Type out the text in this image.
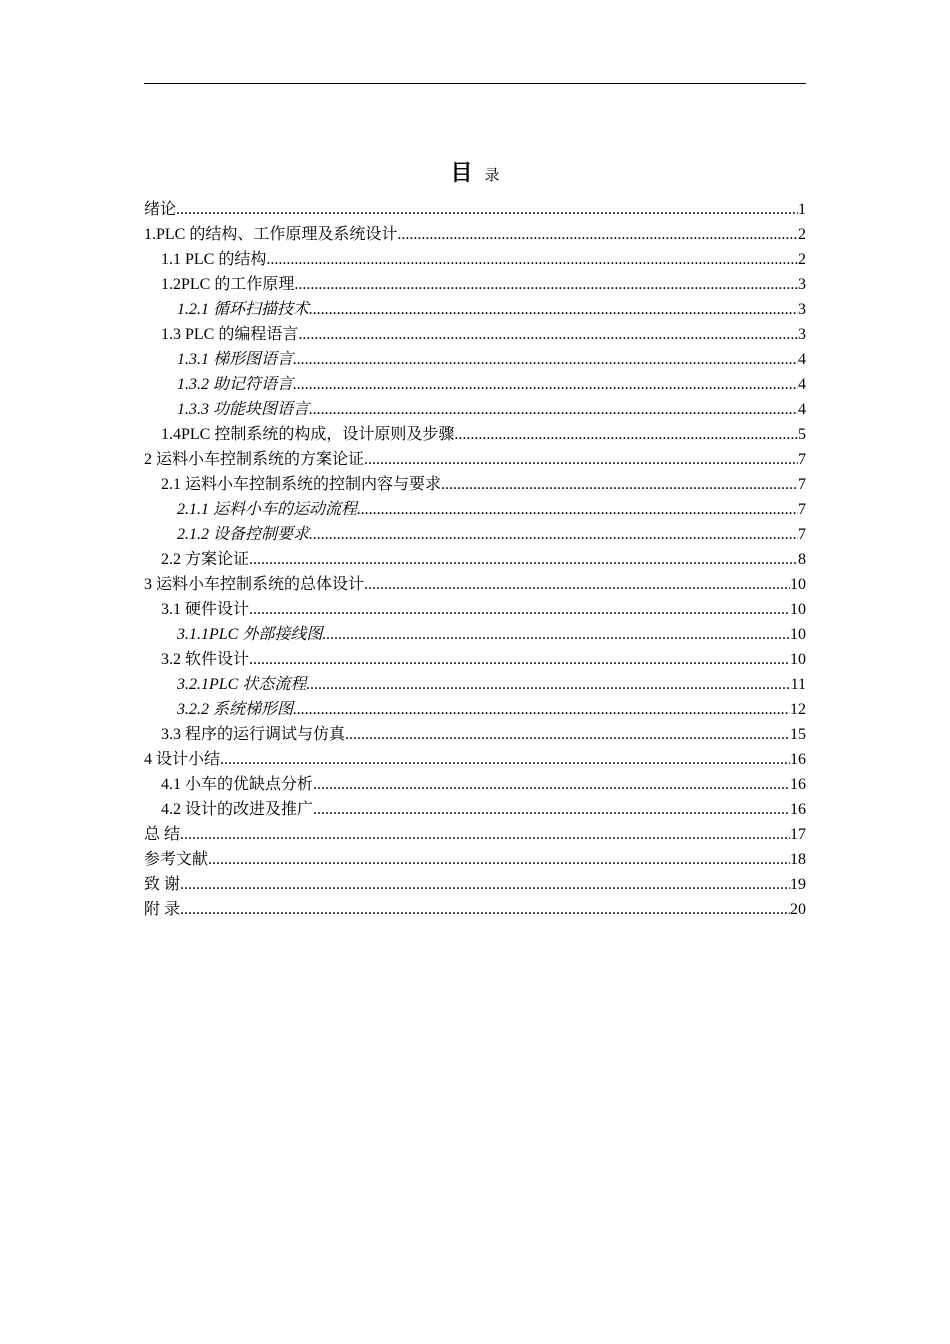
目 录
绪论 .....	1
1.PLC 的结构、工作原理及系统设计 .....	2
1.1 PLC 的结构 .....	2
1.2PLC 的工作原理 .....	3
1.2.1 循环扫描技术 .....	3
1.3 PLC 的编程语言 .....	3
1.3.1 梯形图语言 .....	4
1.3.2 助记符语言 .....	4
1.3.3 功能块图语言 .....	4
1.4PLC 控制系统的构成，设计原则及步骤 .....	5
2 运料小车控制系统的方案论证 .....	7
2.1 运料小车控制系统的控制内容与要求 .....	7
2.1.1 运料小车的运动流程 .....	7
2.1.2 设备控制要求 .....	7
2.2 方案论证 .....	8
3 运料小车控制系统的总体设计 .....	10
3.1 硬件设计 .....	10
3.1.1PLC 外部接线图 .....	10
3.2 软件设计 .....	10
3.2.1PLC 状态流程 .....	11
3.2.2 系统梯形图 .....	12
3.3 程序的运行调试与仿真 .....	15
4 设计小结 .....	16
4.1 小车的优缺点分析 .....	16
4.2 设计的改进及推广 .....	16
总 结 .....	17
参考文献 .....	18
致 谢 .....	19
附 录 .....	20
